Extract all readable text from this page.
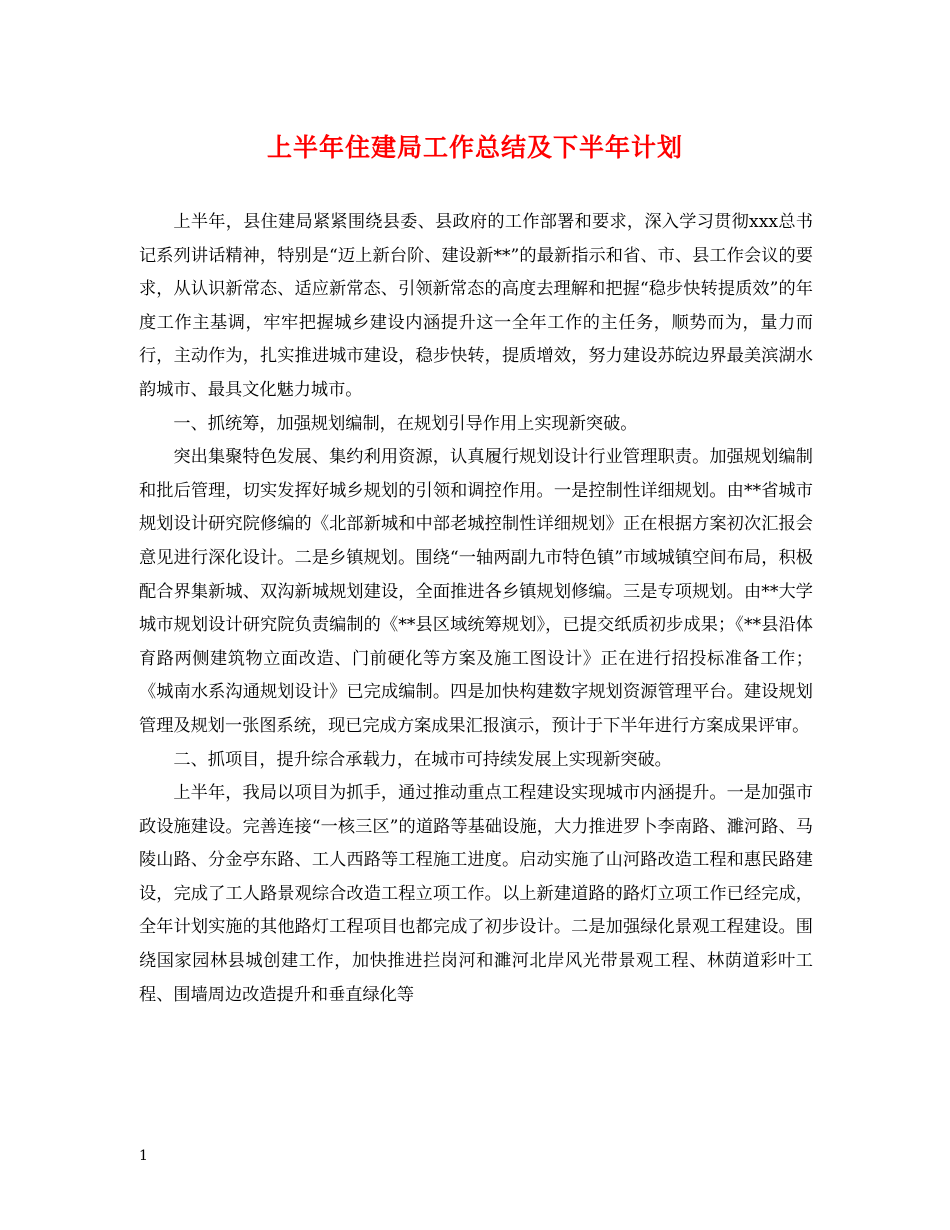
上半年住建局工作总结及下半年计划

上半年，县住建局紧紧围绕县委、县政府的工作部署和要求，深入学习贯彻xxx总书记系列讲话精神，特别是“迈上新台阶、建设新**”的最新指示和省、市、县工作会议的要求，从认识新常态、适应新常态、引领新常态的高度去理解和把握“稳步快转提质效”的年度工作主基调，牢牢把握城乡建设内涵提升这一全年工作的主任务，顺势而为，量力而行，主动作为，扎实推进城市建设，稳步快转，提质增效，努力建设苏皖边界最美滨湖水韵城市、最具文化魅力城市。

一、抓统筹，加强规划编制，在规划引导作用上实现新突破。

突出集聚特色发展、集约利用资源，认真履行规划设计行业管理职责。加强规划编制和批后管理，切实发挥好城乡规划的引领和调控作用。一是控制性详细规划。由**省城市规划设计研究院修编的《北部新城和中部老城控制性详细规划》正在根据方案初次汇报会意见进行深化设计。二是乡镇规划。围绕“一轴两副九市特色镇”市域城镇空间布局，积极配合界集新城、双沟新城规划建设，全面推进各乡镇规划修编。三是专项规划。由**大学城市规划设计研究院负责编制的《**县区域统筹规划》，已提交纸质初步成果；《**县沿体育路两侧建筑物立面改造、门前硬化等方案及施工图设计》正在进行招投标准备工作；《城南水系沟通规划设计》已完成编制。四是加快构建数字规划资源管理平台。建设规划管理及规划一张图系统，现已完成方案成果汇报演示，预计于下半年进行方案成果评审。

二、抓项目，提升综合承载力，在城市可持续发展上实现新突破。

上半年，我局以项目为抓手，通过推动重点工程建设实现城市内涵提升。一是加强市政设施建设。完善连接“一核三区”的道路等基础设施，大力推进罗卜李南路、濉河路、马陵山路、分金亭东路、工人西路等工程施工进度。启动实施了山河路改造工程和惠民路建设，完成了工人路景观综合改造工程立项工作。以上新建道路的路灯立项工作已经完成，全年计划实施的其他路灯工程项目也都完成了初步设计。二是加强绿化景观工程建设。围绕国家园林县城创建工作，加快推进拦岗河和濉河北岸风光带景观工程、林荫道彩叶工程、围墙周边改造提升和垂直绿化等

1
